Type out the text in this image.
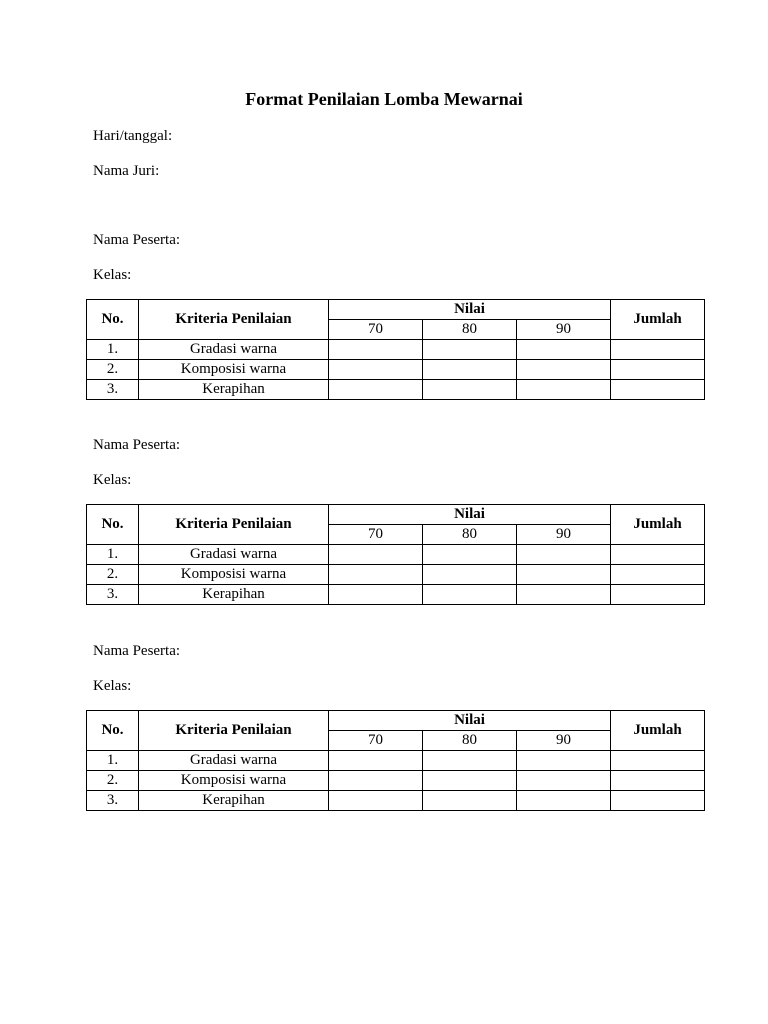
Format Penilaian Lomba Mewarnai
Hari/tanggal:
Nama Juri:
Nama Peserta:
Kelas:
No.	Kriteria Penilaian	Nilai			Jumlah
		70	80	90	
1.	Gradasi warna				
2.	Komposisi warna				
3.	Kerapihan				
Nama Peserta:
Kelas:
No.	Kriteria Penilaian	Nilai			Jumlah
		70	80	90	
1.	Gradasi warna				
2.	Komposisi warna				
3.	Kerapihan				
Nama Peserta:
Kelas:
No.	Kriteria Penilaian	Nilai			Jumlah
		70	80	90	
1.	Gradasi warna				
2.	Komposisi warna				
3.	Kerapihan				
